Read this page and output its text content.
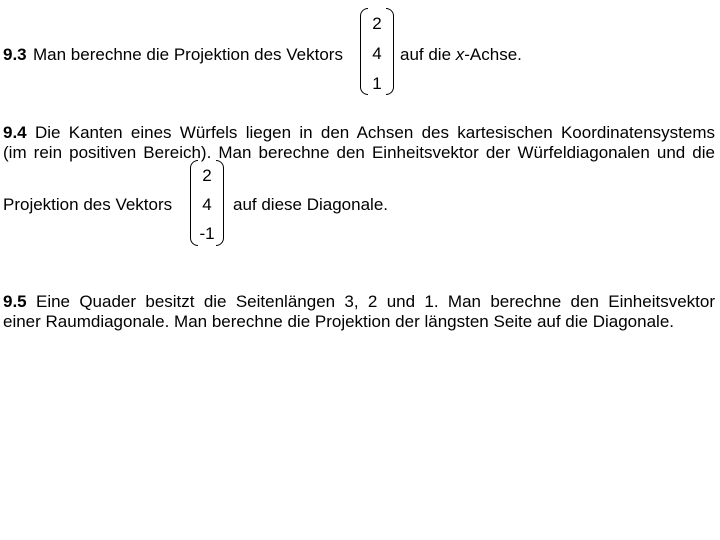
9.3 Man berechne die Projektion des Vektors
2
4
1
auf die x-Achse.
9.4 Die Kanten eines Würfels liegen in den Achsen des kartesischen Koordinatensystems
(im rein positiven Bereich). Man berechne den Einheitsvektor der Würfeldiagonalen und die
Projektion des Vektors
2
4
-1
auf diese Diagonale.
9.5 Eine Quader besitzt die Seitenlängen 3, 2 und 1. Man berechne den Einheitsvektor
einer Raumdiagonale. Man berechne die Projektion der längsten Seite auf die Diagonale.
